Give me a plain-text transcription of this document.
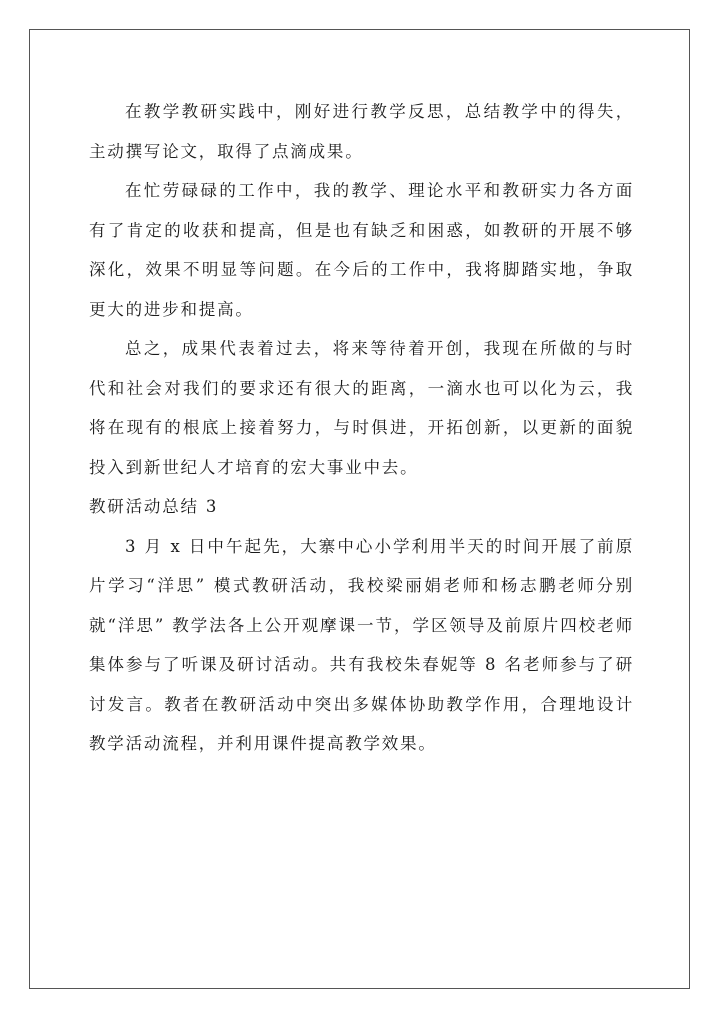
在教学教研实践中，刚好进行教学反思，总结教学中的得失，主动撰写论文，取得了点滴成果。

在忙劳碌碌的工作中，我的教学、理论水平和教研实力各方面有了肯定的收获和提高，但是也有缺乏和困惑，如教研的开展不够深化，效果不明显等问题。在今后的工作中，我将脚踏实地，争取更大的进步和提高。

总之，成果代表着过去，将来等待着开创，我现在所做的与时代和社会对我们的要求还有很大的距离，一滴水也可以化为云，我将在现有的根底上接着努力，与时俱进，开拓创新，以更新的面貌投入到新世纪人才培育的宏大事业中去。

教研活动总结 3

3 月 x 日中午起先，大寨中心小学利用半天的时间开展了前原片学习“洋思” 模式教研活动，我校梁丽娟老师和杨志鹏老师分别就“洋思” 教学法各上公开观摩课一节，学区领导及前原片四校老师集体参与了听课及研讨活动。共有我校朱春妮等 8 名老师参与了研讨发言。教者在教研活动中突出多媒体协助教学作用，合理地设计教学活动流程，并利用课件提高教学效果。
